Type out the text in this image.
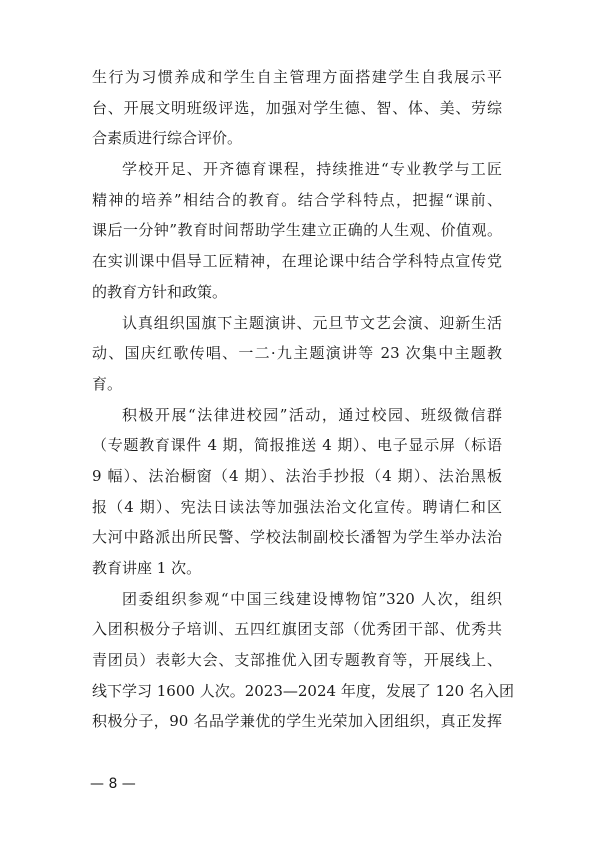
生行为习惯养成和学生自主管理方面搭建学生自我展示平
台、开展文明班级评选，加强对学生德、智、体、美、劳综
合素质进行综合评价。
学校开足、开齐德育课程，持续推进“专业教学与工匠
精神的培养”相结合的教育。结合学科特点，把握“课前、
课后一分钟”教育时间帮助学生建立正确的人生观、价值观。
在实训课中倡导工匠精神，在理论课中结合学科特点宣传党
的教育方针和政策。
认真组织国旗下主题演讲、元旦节文艺会演、迎新生活
动、国庆红歌传唱、一二·九主题演讲等 23 次集中主题教
育。
积极开展“法律进校园”活动，通过校园、班级微信群
（专题教育课件 4 期，简报推送 4 期）、电子显示屏（标语
9 幅）、法治橱窗（4 期）、法治手抄报（4 期）、法治黑板
报（4 期）、宪法日读法等加强法治文化宣传。聘请仁和区
大河中路派出所民警、学校法制副校长潘智为学生举办法治
教育讲座 1 次。
团委组织参观“中国三线建设博物馆”320 人次，组织
入团积极分子培训、五四红旗团支部（优秀团干部、优秀共
青团员）表彰大会、支部推优入团专题教育等，开展线上、
线下学习 1600 人次。2023—2024 年度，发展了 120 名入团
积极分子，90 名品学兼优的学生光荣加入团组织，真正发挥
— 8 —
